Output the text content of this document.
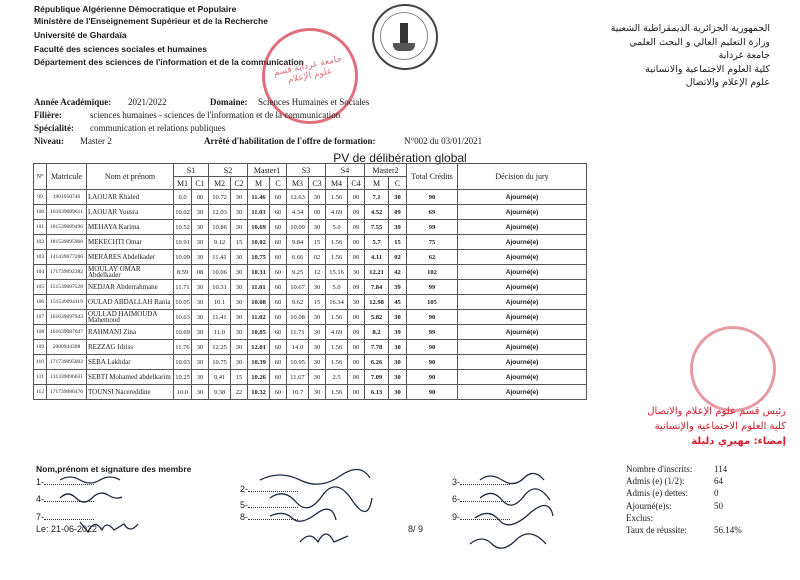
République Algérienne Démocratique et Populaire
Ministère de l'Enseignement Supérieur et de la Recherche
Université de Ghardaïa
Faculté des sciences sociales et humaines
Département des sciences de l'information et de la communication
الجمهورية الجزائرية الديمقراطية الشعبية
وزارة التعليم العالي و البحث العلمي
جامعة غرداية
كلية العلوم الاجتماعية والانسانية
علوم الإعلام والاتصال
جامعة غرداية قسم علوم الإعلام
Année Académique: 2021/2022	Domaine: Sciences Humaines et Sociales
Filière:	sciences humaines - sciences de l'information et de la communication
Spécialité: communication et relations publiques
Niveau: Master 2	Arrêté d'habilitation de l'offre de formation:	N°002 du 03/01/2021
PV de délibération global
N°	Matricule	Nom et prénom	S1		S2		Master1		S3		S4		Master2		Total Crédits	Décision du jury
			M1	C1	M2	C2	M	C	M3	C3	M4	C4	M	C		
99	1901950746	LAOUAR Khaled	0.0	00	10.72	30	11.46	60	12.63	30	1.56	00	7.1	30	90	Ajourné(e)
100	161639089611	LAOUAR Yousra	10.02	30	12.03	30	11.03	60	4.34	00	4.69	09	4.52	09	69	Ajourné(e)
101	181539089496	MEHAYA Karima	10.52	30	10.86	30	10.69	60	10.09	30	5.0	09	7.55	39	99	Ajourné(e)
102	181539095968	MEKECHTI Omar	10.91	30	9.12	15	10.02	60	9.84	15	1.56	00	5.7	15	75	Ajourné(e)
103	141439077206	MERARES Abdelkader	10.09	30	11.41	30	10.75	60	6.66	02	1.56	00	4.11	02	62	Ajourné(e)
104	171739092382	MOULAY OMAR Abdelkader	8.59	08	10.06	30	10.31	60	9.25	12	15.16	30	12.21	42	102	Ajourné(e)
105	151539087528	NEDJAR Abderrahmane	11.71	30	10.31	30	11.01	60	10.67	30	5.0	09	7.84	39	99	Ajourné(e)
106	151539094119	OULAD ABDALLAH Rania	10.05	30	10.1	30	10.08	60	9.62	15	16.34	30	12.98	45	105	Ajourné(e)
107	161639097943	OULLAD HAIMOUDA Mahemoud	10.63	30	11.41	30	11.02	60	10.08	30	1.56	00	5.82	30	90	Ajourné(e)
108	161639087647	RAHMANI Zina	10.69	30	11.0	30	10.85	60	11.71	30	4.69	09	8.2	39	99	Ajourné(e)
109	2000944398	REZZAG Idriss	11.76	30	12.25	30	12.01	60	14.0	30	1.56	00	7.78	30	90	Ajourné(e)
110	171739095002	SEBA Lakhdar	10.03	30	10.75	30	10.39	60	10.95	30	1.56	00	6.26	30	90	Ajourné(e)
111	131339096031	SEBTI Mohamed abdelkarim	10.25	30	9.41	15	10.26	60	11.67	30	2.5	00	7.09	30	90	Ajourné(e)
112	171739086476	TOUNSI Nacereddine	10.0	30	9.38	22	10.32	60	10.7	30	1.56	00	6.13	30	90	Ajourné(e)
رئيس قسم علوم الإعلام والاتصال
كلية العلوم الاجتماعية والإنسانية
إمضاء: مهيري دليلة
Nom,prénom et signature des membre
1-
4-
7-
2-
5-
8-
3-
6-
9-
Le: 21-06-2022	8/ 9
Nombre d'inscrits:	114
Admis (e) (1/2):	64
Admis (e) dettes:	0
Ajourné(e)s:	50
Exclus:
Taux de réussite:	56.14%
